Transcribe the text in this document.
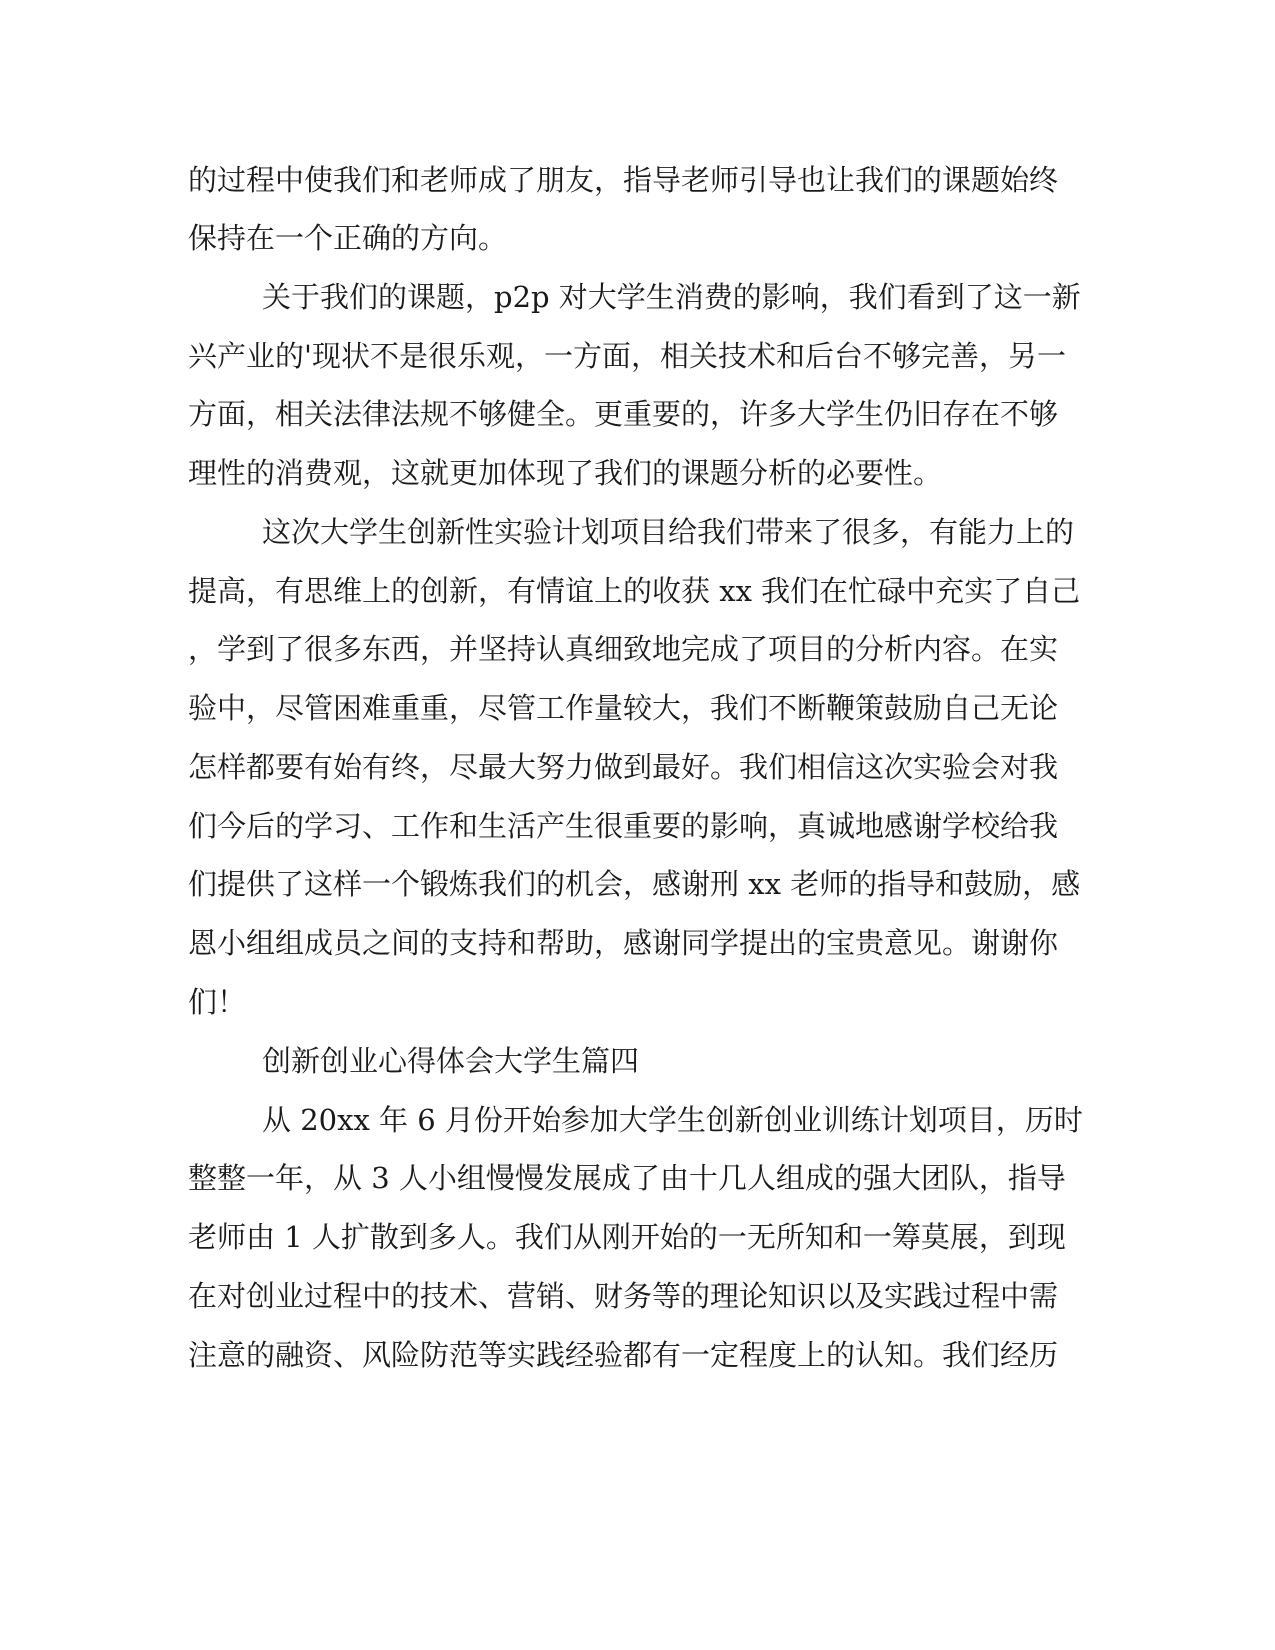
的过程中使我们和老师成了朋友，指导老师引导也让我们的课题始终
保持在一个正确的方向。
关于我们的课题，p2p 对大学生消费的影响，我们看到了这一新
兴产业的'现状不是很乐观，一方面，相关技术和后台不够完善，另一
方面，相关法律法规不够健全。更重要的，许多大学生仍旧存在不够
理性的消费观，这就更加体现了我们的课题分析的必要性。
这次大学生创新性实验计划项目给我们带来了很多，有能力上的
提高，有思维上的创新，有情谊上的收获 xx 我们在忙碌中充实了自己
，学到了很多东西，并坚持认真细致地完成了项目的分析内容。在实
验中，尽管困难重重，尽管工作量较大，我们不断鞭策鼓励自己无论
怎样都要有始有终，尽最大努力做到最好。我们相信这次实验会对我
们今后的学习、工作和生活产生很重要的影响，真诚地感谢学校给我
们提供了这样一个锻炼我们的机会，感谢刑 xx 老师的指导和鼓励，感
恩小组组成员之间的支持和帮助，感谢同学提出的宝贵意见。谢谢你
们！
创新创业心得体会大学生篇四
从 20xx 年 6 月份开始参加大学生创新创业训练计划项目，历时
整整一年，从 3 人小组慢慢发展成了由十几人组成的强大团队，指导
老师由 1 人扩散到多人。我们从刚开始的一无所知和一筹莫展，到现
在对创业过程中的技术、营销、财务等的理论知识以及实践过程中需
注意的融资、风险防范等实践经验都有一定程度上的认知。我们经历
